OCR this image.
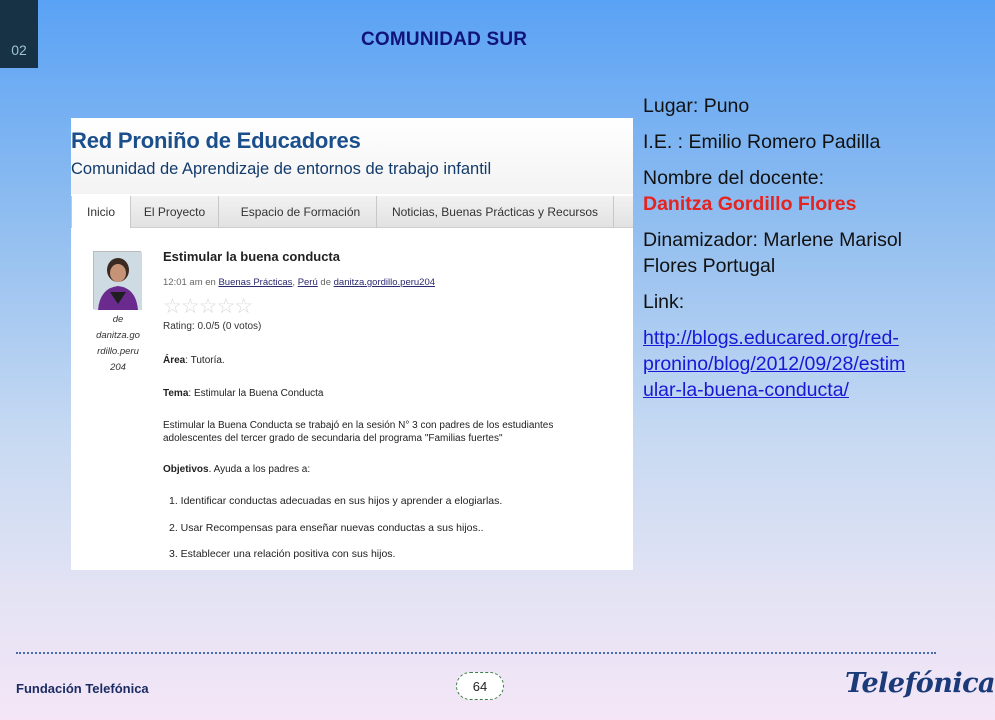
02	COMUNIDAD SUR
Red Proniño de Educadores
Comunidad de Aprendizaje de entornos de trabajo infantil
Inicio El Proyecto	Espacio de Formación	Noticias, Buenas Prácticas y Recursos
de
danitza.go
rdillo.peru
204
Estimular la buena conducta
12:01 am en Buenas Prácticas, Perú de danitza.gordillo.peru204
☆☆☆☆☆
Rating: 0.0/5 (0 votos)
Área: Tutoría.
Tema: Estimular la Buena Conducta
Estimular la Buena Conducta se trabajó en la sesión N° 3 con padres de los estudiantes
adolescentes del tercer grado de secundaria del programa "Familias fuertes"
Objetivos. Ayuda a los padres a:
1. Identificar conductas adecuadas en sus hijos y aprender a elogiarlas.
2. Usar Recompensas para enseñar nuevas conductas a sus hijos..
3. Establecer una relación positiva con sus hijos.
Lugar: Puno
I.E. : Emilio Romero Padilla
Nombre del docente:
Danitza Gordillo Flores
Dinamizador: Marlene Marisol Flores Portugal
Link:
http://blogs.educared.org/red-pronino/blog/2012/09/28/estimular-la-buena-conducta/
Fundación Telefónica	64	Telefónica
